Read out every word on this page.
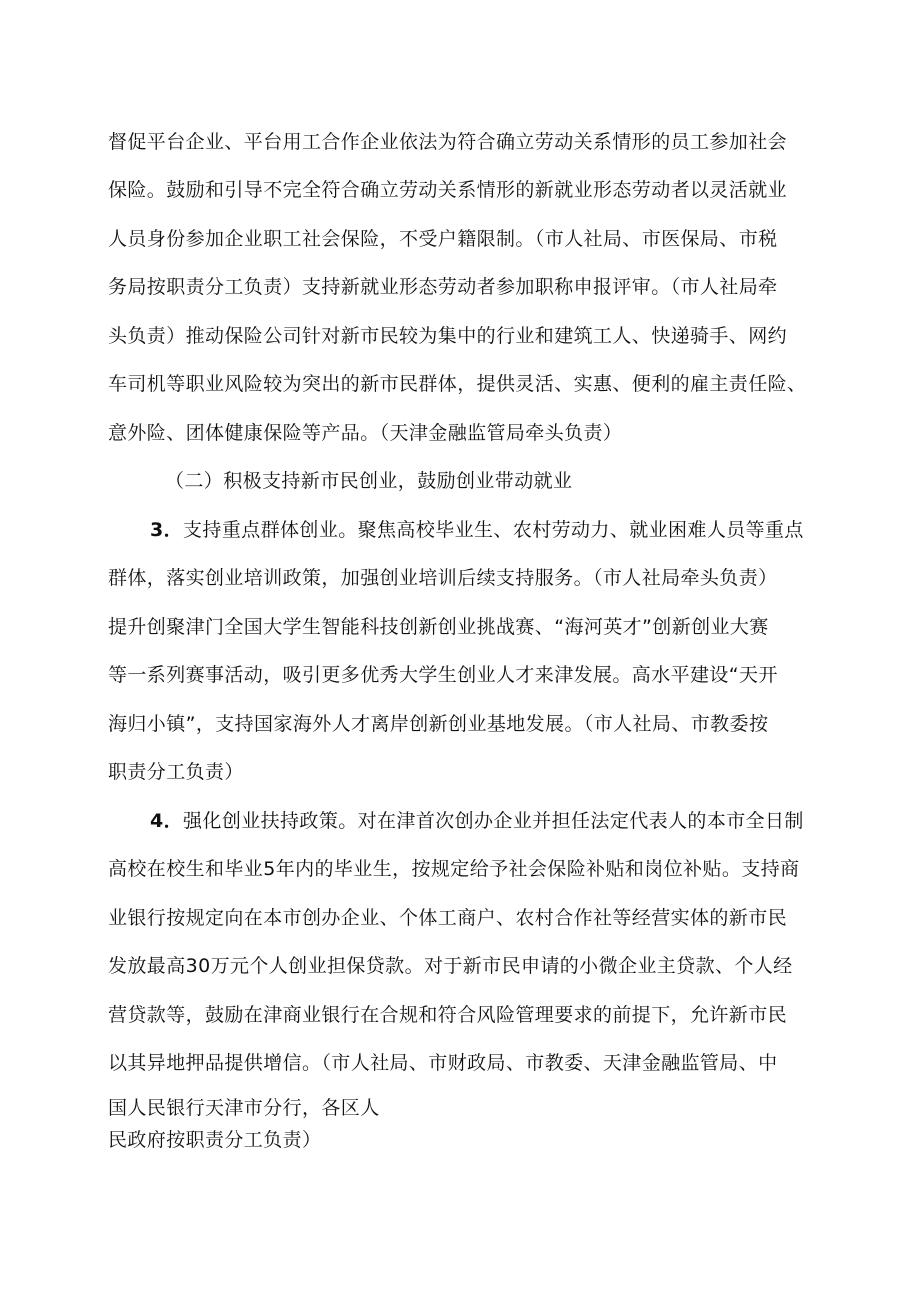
督促平台企业、平台用工合作企业依法为符合确立劳动关系情形的员工参加社会
保险。鼓励和引导不完全符合确立劳动关系情形的新就业形态劳动者以灵活就业
人员身份参加企业职工社会保险，不受户籍限制。（市人社局、市医保局、市税
务局按职责分工负责）支持新就业形态劳动者参加职称申报评审。（市人社局牵
头负责）推动保险公司针对新市民较为集中的行业和建筑工人、快递骑手、网约
车司机等职业风险较为突出的新市民群体，提供灵活、实惠、便利的雇主责任险、
意外险、团体健康保险等产品。（天津金融监管局牵头负责）
（二）积极支持新市民创业，鼓励创业带动就业
3．支持重点群体创业。聚焦高校毕业生、农村劳动力、就业困难人员等重点
群体，落实创业培训政策，加强创业培训后续支持服务。（市人社局牵头负责）
提升创聚津门全国大学生智能科技创新创业挑战赛、“海河英才”创新创业大赛
等一系列赛事活动，吸引更多优秀大学生创业人才来津发展。高水平建设“天开
海归小镇”，支持国家海外人才离岸创新创业基地发展。（市人社局、市教委按
职责分工负责）
4．强化创业扶持政策。对在津首次创办企业并担任法定代表人的本市全日制
高校在校生和毕业5年内的毕业生，按规定给予社会保险补贴和岗位补贴。支持商
业银行按规定向在本市创办企业、个体工商户、农村合作社等经营实体的新市民
发放最高30万元个人创业担保贷款。对于新市民申请的小微企业主贷款、个人经
营贷款等，鼓励在津商业银行在合规和符合风险管理要求的前提下，允许新市民
以其异地押品提供增信。（市人社局、市财政局、市教委、天津金融监管局、中
国人民银行天津市分行，各区人
民政府按职责分工负责）
